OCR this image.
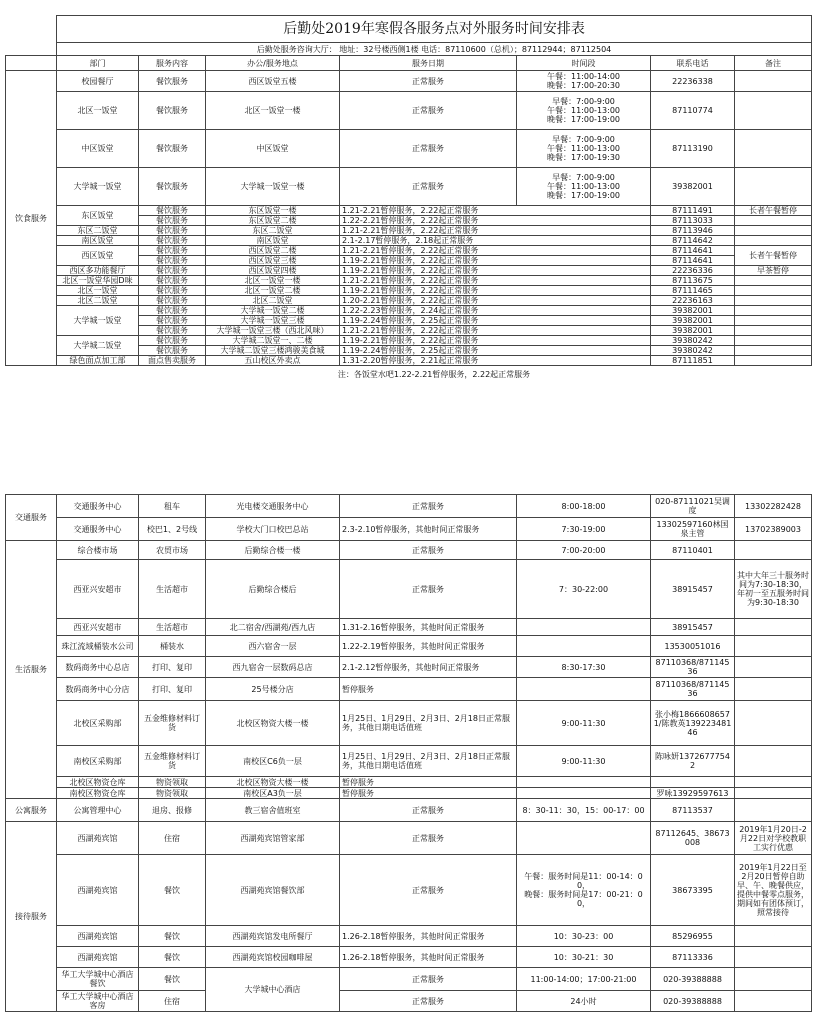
	后勤处2019年寒假各服务点对外服务时间安排表						
	后勤处服务咨询大厅： 地址：32号楼西侧1楼 电话：87110600（总机）；87112944；87112504						
	部门	服务内容	办公/服务地点	服务日期	时间段	联系电话	备注
饮食服务	校园餐厅	餐饮服务	西区饭堂五楼	正常服务	午餐：11:00-14:00
晚餐：17:00-20:30	22236338	
	北区一饭堂	餐饮服务	北区一饭堂一楼	正常服务	早餐：7:00-9:00
午餐：11:00-13:00
晚餐：17:00-19:00	87110774	
	中区饭堂	餐饮服务	中区饭堂	正常服务	早餐：7:00-9:00
午餐：11:00-13:00
晚餐：17:00-19:30	87113190	
	大学城一饭堂	餐饮服务	大学城一饭堂一楼	正常服务	早餐：7:00-9:00
午餐：11:00-13:00
晚餐：17:00-19:00	39382001	
	东区饭堂	餐饮服务	东区饭堂一楼	1.21-2.21暂停服务，2.22起正常服务		87111491	长者午餐暂停
		餐饮服务	东区饭堂二楼	1.22-2.21暂停服务，2.22起正常服务		87113033	
	东区二饭堂	餐饮服务	东区二饭堂	1.21-2.21暂停服务，2.22起正常服务		87113946	
	南区饭堂	餐饮服务	南区饭堂	2.1-2.17暂停服务，2.18起正常服务		87114642	
	西区饭堂	餐饮服务	西区饭堂二楼	1.21-2.21暂停服务，2.22起正常服务		87114641	长者午餐暂停
		餐饮服务	西区饭堂三楼	1.19-2.21暂停服务，2.22起正常服务		87114641	
	西区多功能餐厅	餐饮服务	西区饭堂四楼	1.19-2.21暂停服务，2.22起正常服务		22236336	早茶暂停
	北区一饭堂华园D味	餐饮服务	北区一饭堂一楼	1.21-2.21暂停服务，2.22起正常服务		87113675	
	北区一饭堂	餐饮服务	北区一饭堂二楼	1.19-2.21暂停服务，2.22起正常服务		87111465	
	北区二饭堂	餐饮服务	北区二饭堂	1.20-2.21暂停服务，2.22起正常服务		22236163	
	大学城一饭堂	餐饮服务	大学城一饭堂二楼	1.22-2.23暂停服务，2.24起正常服务		39382001	
		餐饮服务	大学城一饭堂三楼	1.19-2.24暂停服务，2.25起正常服务		39382001	
		餐饮服务	大学城一饭堂三楼（西北风味）	1.21-2.21暂停服务，2.22起正常服务		39382001	
	大学城二饭堂	餐饮服务	大学城二饭堂一、二楼	1.19-2.21暂停服务，2.22起正常服务		39380242	
		餐饮服务	大学城二饭堂三楼鸿骏美食城	1.19-2.24暂停服务，2.25起正常服务		39380242	
	绿色面点加工部	面点售卖服务	五山校区外卖点	1.31-2.20暂停服务，2.21起正常服务		87111851	
	注：各饭堂水吧1.22-2.21暂停服务，2.22起正常服务						
交通服务	交通服务中心	租车	光电楼交通服务中心	正常服务	8:00-18:00	020-87111021吴调度	13302282428
	交通服务中心	校巴1、2号线	学校大门口校巴总站	2.3-2.10暂停服务，其他时间正常服务	7:30-19:00	13302597160林国泉主管	13702389003
生活服务	综合楼市场	农贸市场	后勤综合楼一楼	正常服务	7:00-20:00	87110401	
	西亚兴安超市	生活超市	后勤综合楼后	正常服务	7：30-22:00	38915457	其中大年三十服务时间为7:30-18:30，年初一至五服务时间为9:30-18:30
	西亚兴安超市	生活超市	北二宿舍/西湖苑/西九店	1.31-2.16暂停服务，其他时间正常服务		38915457	
	珠江流域桶装水公司	桶装水	西六宿舍一层	1.22-2.19暂停服务，其他时间正常服务		13530051016	
	数码商务中心总店	打印、复印	西九宿舍一层数码总店	2.1-2.12暂停服务，其他时间正常服务	8:30-17:30	87110368/87114536	
	数码商务中心分店	打印、复印	25号楼分店	暂停服务		87110368/87114536	
	北校区采购部	五金维修材料订货	北校区物资大楼一楼	1月25日、1月29日、2月3日、2月18日正常服务，其他日期电话值班	9:00-11:30	张小梅18666086571/陈教英13922348146	
	南校区采购部	五金维修材料订货	南校区C6负一层	1月25日、1月29日、2月3日、2月18日正常服务，其他日期电话值班	9:00-11:30	陈咏妍13726777542	
	北校区物资仓库	物资领取	北校区物资大楼一楼	暂停服务			
	南校区物资仓库	物资领取	南校区A3负一层	暂停服务		罗咏13929597613	
公寓服务	公寓管理中心	退房、报修	教三宿舍值班室	正常服务	8：30-11：30，15：00-17：00	87113537	
接待服务	西湖苑宾馆	住宿	西湖苑宾馆管家部	正常服务		87112645、38673008	2019年1月20日-2月22日对学校教职工实行优惠
	西湖苑宾馆	餐饮	西湖苑宾馆餐饮部	正常服务	午餐：服务时间是11：00-14：00，
晚餐：服务时间是17：00-21：00，	38673395	2019年1月22日至2月20日暂停自助早、午、晚餐供应，提供中餐零点服务，期间如有团体预订，照常接待
	西湖苑宾馆	餐饮	西湖苑宾馆发电所餐厅	1.26-2.18暂停服务，其他时间正常服务	10：30-23：00	85296955	
	西湖苑宾馆	餐饮	西湖苑宾馆校园咖啡屋	1.26-2.18暂停服务，其他时间正常服务	10：30-21：30	87113336	
	华工大学城中心酒店餐饮	餐饮	大学城中心酒店	正常服务	11:00-14:00；17:00-21:00	020-39388888	
	华工大学城中心酒店客房	住宿		正常服务	24小时	020-39388888	
